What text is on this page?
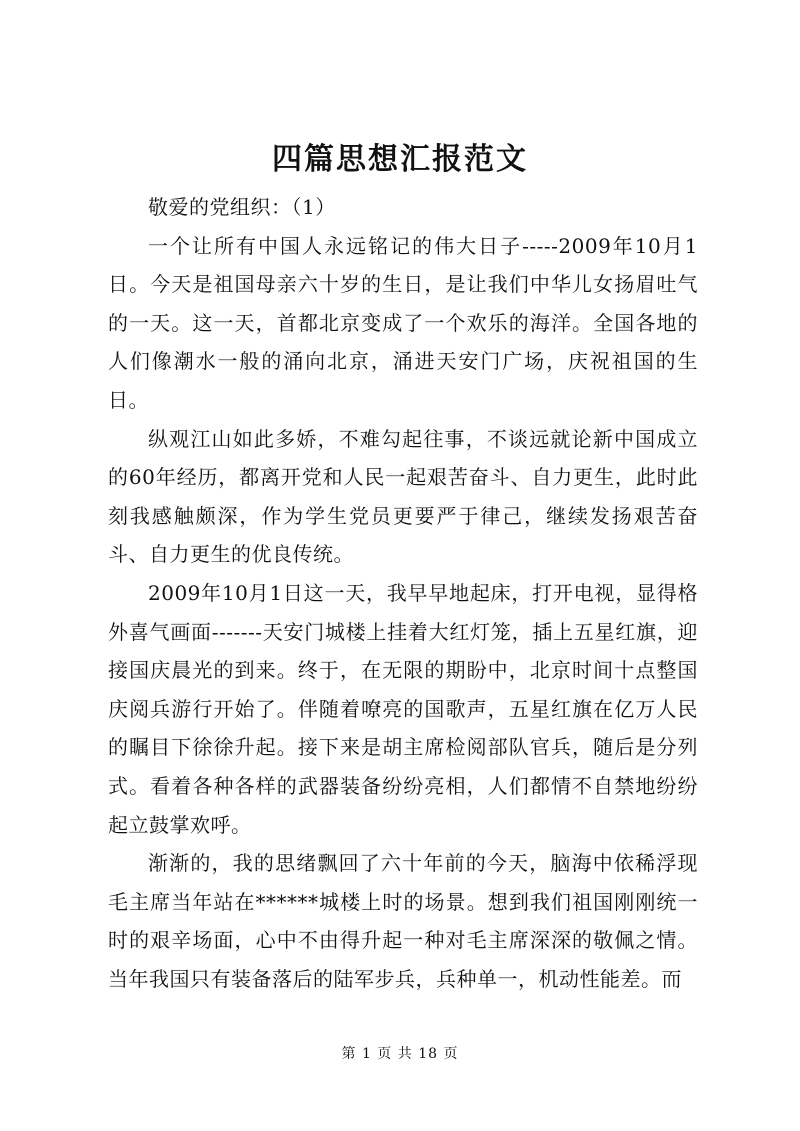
四篇思想汇报范文

敬爱的党组织：（1）

一个让所有中国人永远铭记的伟大日子-----2009年10月1日。今天是祖国母亲六十岁的生日，是让我们中华儿女扬眉吐气的一天。这一天，首都北京变成了一个欢乐的海洋。全国各地的人们像潮水一般的涌向北京，涌进天安门广场，庆祝祖国的生日。

纵观江山如此多娇，不难勾起往事，不谈远就论新中国成立的60年经历，都离开党和人民一起艰苦奋斗、自力更生，此时此刻我感触颇深，作为学生党员更要严于律己，继续发扬艰苦奋斗、自力更生的优良传统。

2009年10月1日这一天，我早早地起床，打开电视，显得格外喜气画面-------天安门城楼上挂着大红灯笼，插上五星红旗，迎接国庆晨光的到来。终于，在无限的期盼中，北京时间十点整国庆阅兵游行开始了。伴随着嘹亮的国歌声，五星红旗在亿万人民的瞩目下徐徐升起。接下来是胡主席检阅部队官兵，随后是分列式。看着各种各样的武器装备纷纷亮相，人们都情不自禁地纷纷起立鼓掌欢呼。

渐渐的，我的思绪飘回了六十年前的今天，脑海中依稀浮现毛主席当年站在******城楼上时的场景。想到我们祖国刚刚统一时的艰辛场面，心中不由得升起一种对毛主席深深的敬佩之情。当年我国只有装备落后的陆军步兵，兵种单一，机动性能差。而

第 1 页 共 18 页
